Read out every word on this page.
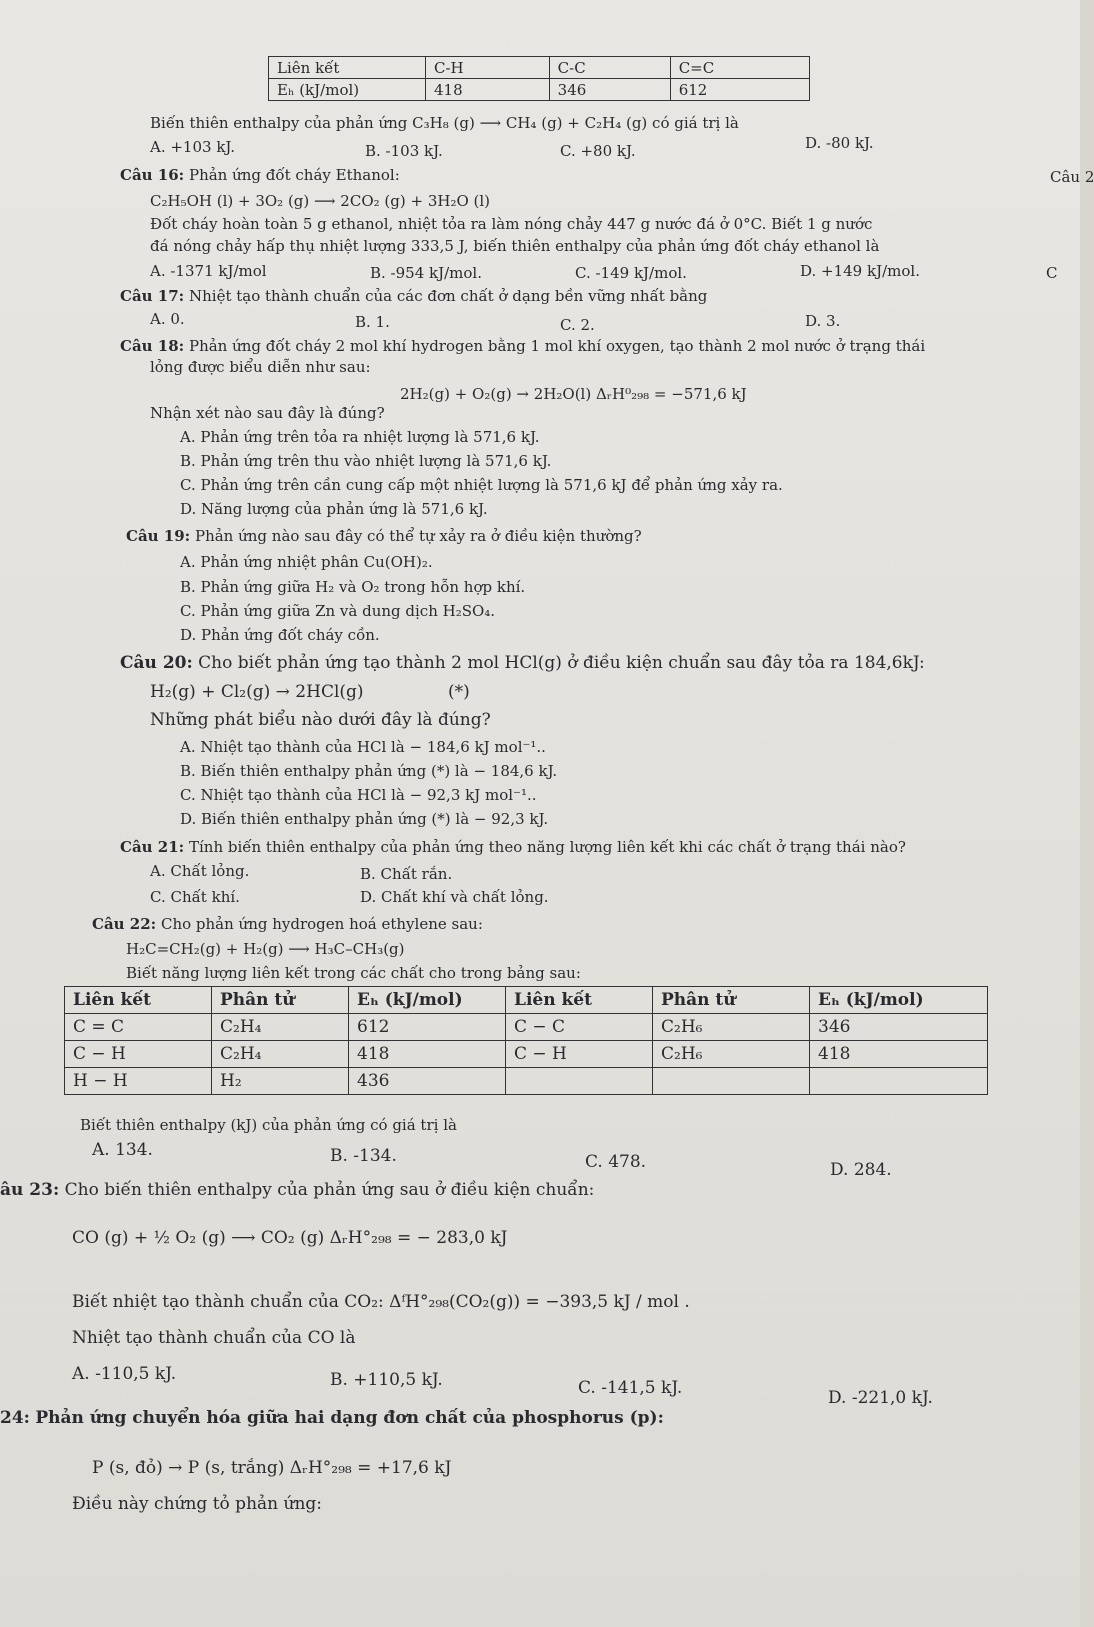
Liên kết	C-H	C-C	C=C
Eₕ (kJ/mol)	418	346	612
Biến thiên enthalpy của phản ứng C₃H₈ (g) ⟶ CH₄ (g) + C₂H₄ (g) có giá trị là
A. +103 kJ.	B. -103 kJ.	C. +80 kJ.	D. -80 kJ.
Câu 16: Phản ứng đốt cháy Ethanol:	Câu 2
C₂H₅OH (l) + 3O₂ (g) ⟶ 2CO₂ (g) + 3H₂O (l)
Đốt cháy hoàn toàn 5 g ethanol, nhiệt tỏa ra làm nóng chảy 447 g nước đá ở 0°C. Biết 1 g nước
đá nóng chảy hấp thụ nhiệt lượng 333,5 J, biến thiên enthalpy của phản ứng đốt cháy ethanol là
A. -1371 kJ/mol	B. -954 kJ/mol.	C. -149 kJ/mol.	D. +149 kJ/mol.	C
Câu 17: Nhiệt tạo thành chuẩn của các đơn chất ở dạng bền vững nhất bằng
A. 0.	B. 1.	C. 2.	D. 3.
Câu 18: Phản ứng đốt cháy 2 mol khí hydrogen bằng 1 mol khí oxygen, tạo thành 2 mol nước ở trạng thái
lỏng được biểu diễn như sau:
2H₂(g) + O₂(g) → 2H₂O(l) ΔᵣH⁰₂₉₈ = −571,6 kJ
Nhận xét nào sau đây là đúng?
A. Phản ứng trên tỏa ra nhiệt lượng là 571,6 kJ.
B. Phản ứng trên thu vào nhiệt lượng là 571,6 kJ.
C. Phản ứng trên cần cung cấp một nhiệt lượng là 571,6 kJ để phản ứng xảy ra.
D. Năng lượng của phản ứng là 571,6 kJ.
Câu 19: Phản ứng nào sau đây có thể tự xảy ra ở điều kiện thường?
A. Phản ứng nhiệt phân Cu(OH)₂.
B. Phản ứng giữa H₂ và O₂ trong hỗn hợp khí.
C. Phản ứng giữa Zn và dung dịch H₂SO₄.
D. Phản ứng đốt cháy cồn.
Câu 20: Cho biết phản ứng tạo thành 2 mol HCl(g) ở điều kiện chuẩn sau đây tỏa ra 184,6kJ:
H₂(g) + Cl₂(g) → 2HCl(g)	(*)
Những phát biểu nào dưới đây là đúng?
A. Nhiệt tạo thành của HCl là − 184,6 kJ mol⁻¹..
B. Biến thiên enthalpy phản ứng (*) là − 184,6 kJ.
C. Nhiệt tạo thành của HCl là − 92,3 kJ mol⁻¹..
D. Biến thiên enthalpy phản ứng (*) là − 92,3 kJ.
Câu 21: Tính biến thiên enthalpy của phản ứng theo năng lượng liên kết khi các chất ở trạng thái nào?
A. Chất lỏng.	B. Chất rắn.
C. Chất khí.	D. Chất khí và chất lỏng.
Câu 22: Cho phản ứng hydrogen hoá ethylene sau:
H₂C=CH₂(g) + H₂(g) ⟶ H₃C–CH₃(g)
Biết năng lượng liên kết trong các chất cho trong bảng sau:
Liên kết	Phân tử	Eₕ (kJ/mol)	Liên kết	Phân tử	Eₕ (kJ/mol)
C = C	C₂H₄	612	C − C	C₂H₆	346
C − H	C₂H₄	418	C − H	C₂H₆	418
H − H	H₂	436			
Biết thiên enthalpy (kJ) của phản ứng có giá trị là
A. 134.	B. -134.	C. 478.	D. 284.
âu 23: Cho biến thiên enthalpy của phản ứng sau ở điều kiện chuẩn:
CO (g) + ½ O₂ (g) ⟶ CO₂ (g) ΔᵣH°₂₉₈ = − 283,0 kJ
Biết nhiệt tạo thành chuẩn của CO₂: ΔᶠH°₂₉₈(CO₂(g)) = −393,5 kJ / mol .
Nhiệt tạo thành chuẩn của CO là
A. -110,5 kJ.	B. +110,5 kJ.	C. -141,5 kJ.	D. -221,0 kJ.
24: Phản ứng chuyển hóa giữa hai dạng đơn chất của phosphorus (p):
P (s, đỏ) → P (s, trắng) ΔᵣH°₂₉₈ = +17,6 kJ
Điều này chứng tỏ phản ứng:
